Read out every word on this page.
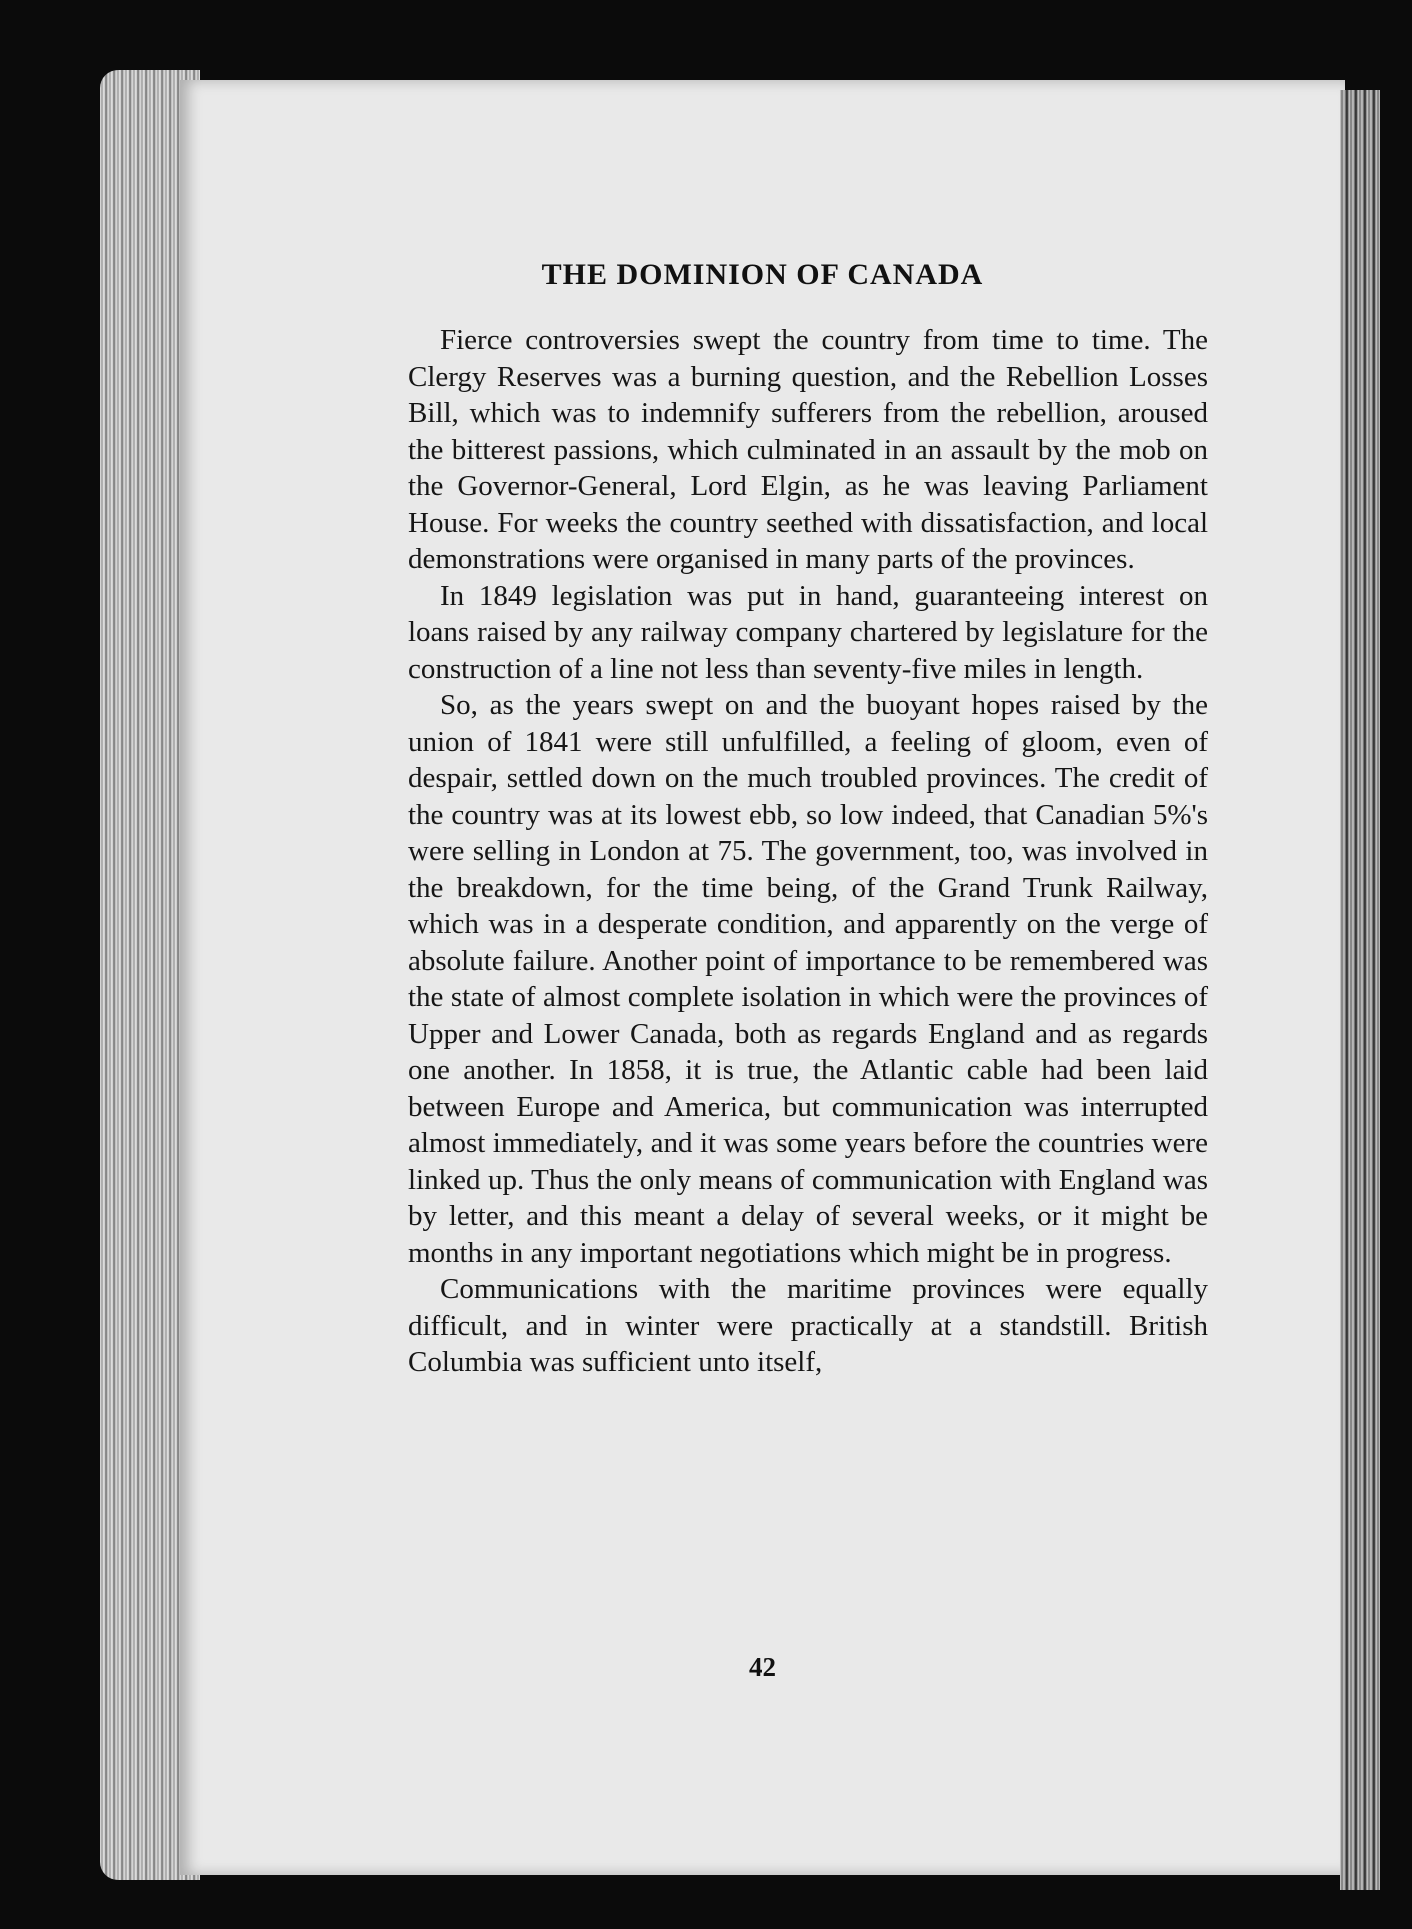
THE DOMINION OF CANADA

Fierce controversies swept the country from time to time. The Clergy Reserves was a burning question, and the Rebellion Losses Bill, which was to indemnify sufferers from the rebellion, aroused the bitterest passions, which culminated in an assault by the mob on the Governor-General, Lord Elgin, as he was leaving Parliament House. For weeks the country seethed with dissatisfaction, and local demonstrations were organised in many parts of the provinces.

In 1849 legislation was put in hand, guaranteeing interest on loans raised by any railway company chartered by legislature for the construction of a line not less than seventy-five miles in length.

So, as the years swept on and the buoyant hopes raised by the union of 1841 were still unfulfilled, a feeling of gloom, even of despair, settled down on the much troubled provinces. The credit of the country was at its lowest ebb, so low indeed, that Canadian 5%'s were selling in London at 75. The government, too, was involved in the breakdown, for the time being, of the Grand Trunk Railway, which was in a desperate condition, and apparently on the verge of absolute failure. Another point of importance to be remembered was the state of almost complete isolation in which were the provinces of Upper and Lower Canada, both as regards England and as regards one another. In 1858, it is true, the Atlantic cable had been laid between Europe and America, but communication was interrupted almost immediately, and it was some years before the countries were linked up. Thus the only means of communication with England was by letter, and this meant a delay of several weeks, or it might be months in any important negotiations which might be in progress.

Communications with the maritime provinces were equally difficult, and in winter were practically at a standstill. British Columbia was sufficient unto itself,

42
